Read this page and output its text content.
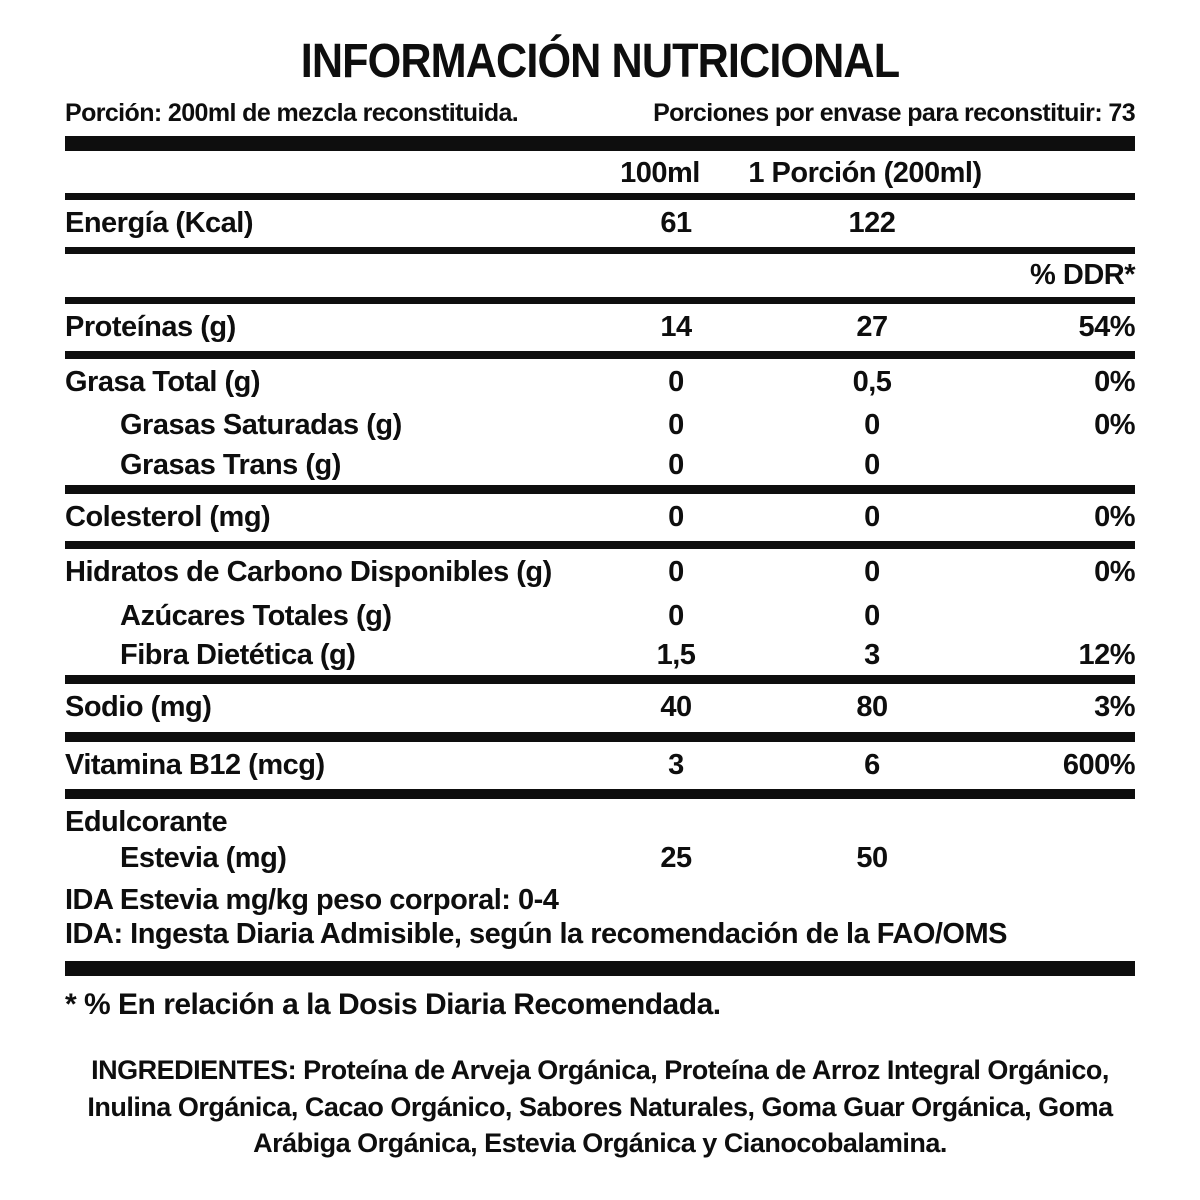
INFORMACIÓN NUTRICIONAL
Porción: 200ml de mezcla reconstituida.	Porciones por envase para reconstituir: 73
100ml 1 Porción (200ml)
Energía (Kcal)	61	122
% DDR*
Proteínas (g)	14	27	54%
Grasa Total (g)	0	0,5	0%
Grasas Saturadas (g)	0	0	0%
Grasas Trans (g)	0	0
Colesterol (mg)	0	0	0%
Hidratos de Carbono Disponibles (g)	0	0	0%
Azúcares Totales (g)	0	0
Fibra Dietética (g)	1,5	3	12%
Sodio (mg)	40	80	3%
Vitamina B12 (mcg)	3	6	600%
Edulcorante
Estevia (mg)	25	50
IDA Estevia mg/kg peso corporal: 0-4
IDA: Ingesta Diaria Admisible, según la recomendación de la FAO/OMS
* % En relación a la Dosis Diaria Recomendada.
INGREDIENTES: Proteína de Arveja Orgánica, Proteína de Arroz Integral Orgánico, Inulina Orgánica, Cacao Orgánico, Sabores Naturales, Goma Guar Orgánica, Goma Arábiga Orgánica, Estevia Orgánica y Cianocobalamina.
